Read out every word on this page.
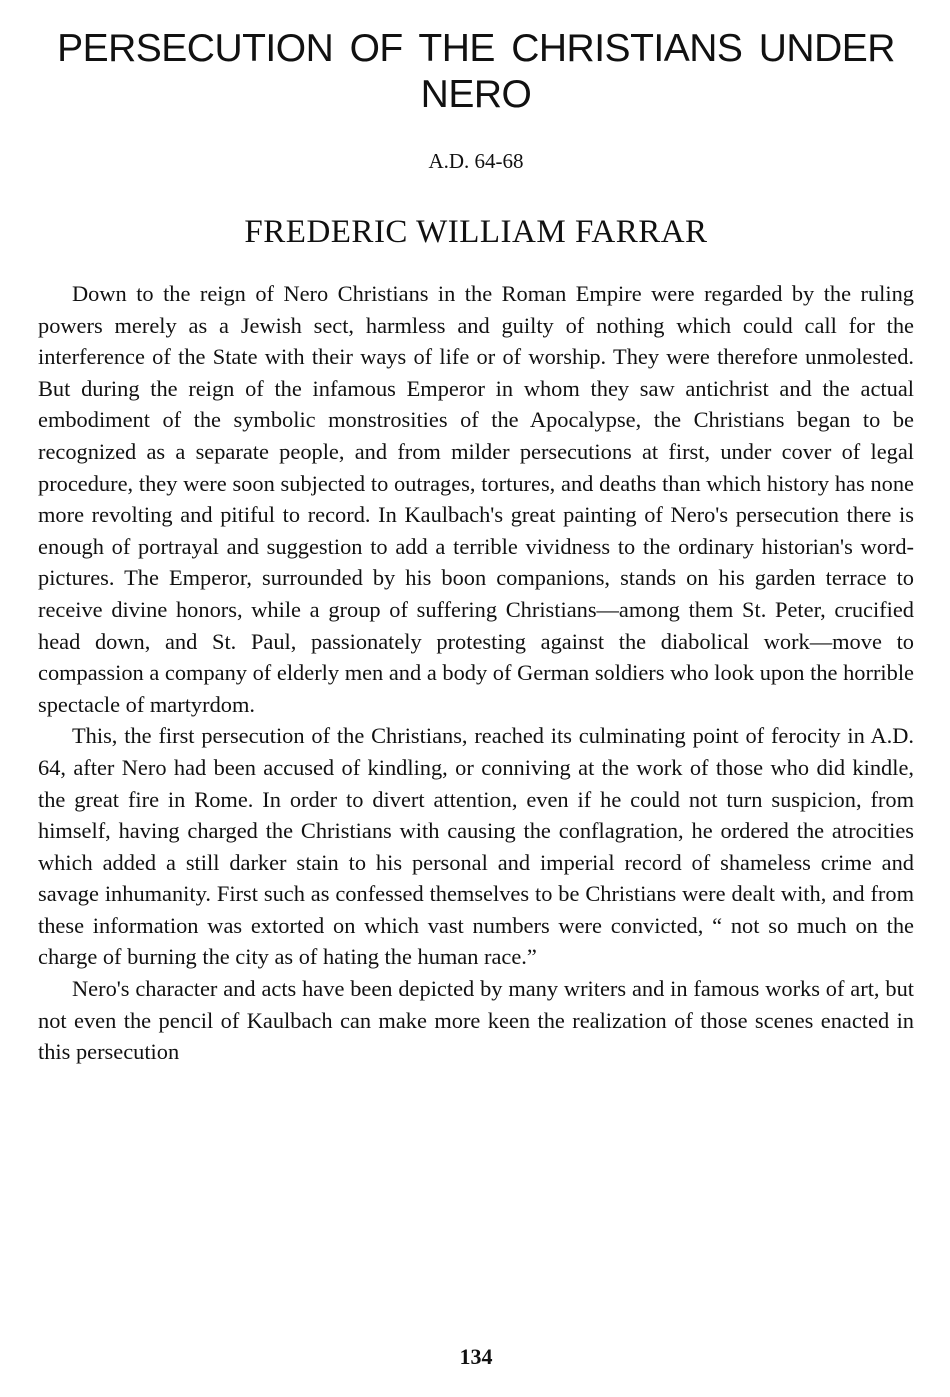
PERSECUTION OF THE CHRISTIANS UNDER NERO
A.D. 64-68
FREDERIC WILLIAM FARRAR

Down to the reign of Nero Christians in the Roman Empire were regarded by the ruling powers merely as a Jewish sect, harmless and guilty of nothing which could call for the interference of the State with their ways of life or of worship. They were therefore unmolested. But during the reign of the infamous Emperor in whom they saw antichrist and the actual embodiment of the symbolic monstrosities of the Apocalypse, the Christians began to be recognized as a separate people, and from milder persecutions at first, under cover of legal procedure, they were soon subjected to outrages, tortures, and deaths than which history has none more revolting and pitiful to record. In Kaulbach's great painting of Nero's persecution there is enough of portrayal and suggestion to add a terrible vividness to the ordinary historian's word-pictures. The Emperor, surrounded by his boon companions, stands on his garden terrace to receive divine honors, while a group of suffering Christians—among them St. Peter, crucified head down, and St. Paul, passionately protesting against the diabolical work—move to compassion a company of elderly men and a body of German soldiers who look upon the horrible spectacle of martyrdom.

This, the first persecution of the Christians, reached its culminating point of ferocity in A.D. 64, after Nero had been accused of kindling, or conniving at the work of those who did kindle, the great fire in Rome. In order to divert attention, even if he could not turn suspicion, from himself, having charged the Christians with causing the conflagration, he ordered the atrocities which added a still darker stain to his personal and imperial record of shameless crime and savage inhumanity. First such as confessed themselves to be Christians were dealt with, and from these information was extorted on which vast numbers were convicted, “ not so much on the charge of burning the city as of hating the human race.”

Nero's character and acts have been depicted by many writers and in famous works of art, but not even the pencil of Kaulbach can make more keen the realization of those scenes enacted in this persecution

134
